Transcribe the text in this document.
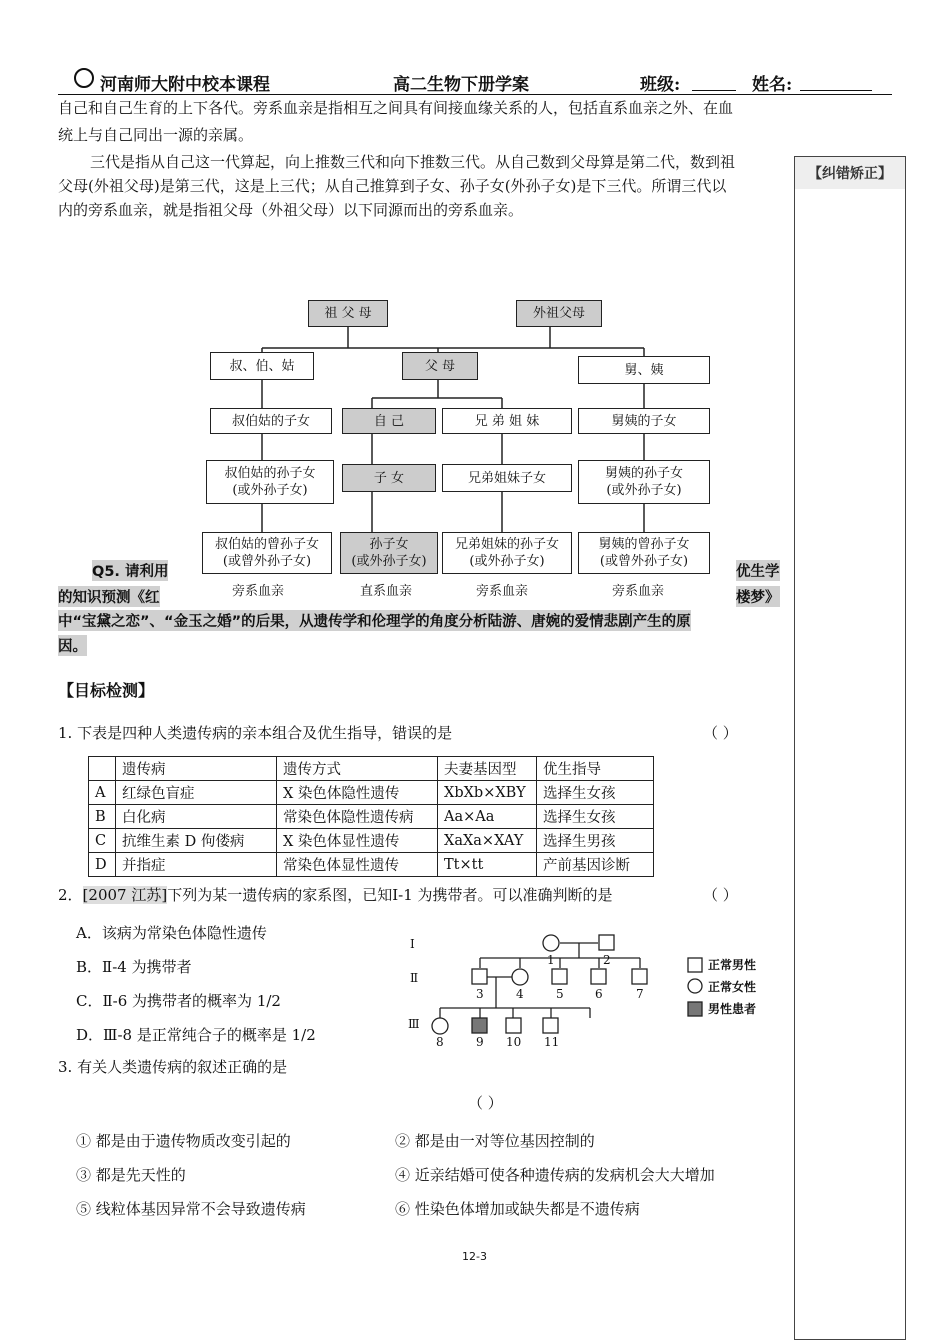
河南师大附中校本课程	高二生物下册学案	班级:	姓名:
【纠错矫正】
自己和自己生育的上下各代。旁系血亲是指相互之间具有间接血缘关系的人，包括直系血亲之外、在血
统上与自己同出一源的亲属。
三代是指从自己这一代算起，向上推数三代和向下推数三代。从自己数到父母算是第二代，数到祖
父母(外祖父母)是第三代，这是上三代；从自己推算到子女、孙子女(外孙子女)是下三代。所谓三代以
内的旁系血亲，就是指祖父母（外祖父母）以下同源而出的旁系血亲。
祖 父 母	外祖父母
叔、伯、姑	父 母	舅、姨
叔伯姑的子女	自 己	兄 弟 姐 妹	舅姨的子女
叔伯姑的孙子女
(或外孙子女)
子 女	兄弟姐妹子女	舅姨的孙子女
(或外孙子女)
叔伯姑的曾孙子女
(或曾外孙子女)
孙子女
(或外孙子女)
兄弟姐妹的孙子女
(或外孙子女)
舅姨的曾孙子女
(或曾外孙子女)
旁系血亲	直系血亲	旁系血亲	旁系血亲
Q5. 请利用	优生学
的知识预测《红	楼梦》
中“宝黛之恋”、“金玉之婚”的后果，从遗传学和伦理学的角度分析陆游、唐婉的爱情悲剧产生的原
因。
【目标检测】
1. 下表是四种人类遗传病的亲本组合及优生指导，错误的是	（ ）
	遗传病	遗传方式	夫妻基因型	优生指导
A	红绿色盲症	X 染色体隐性遗传	XbXb×XBY	选择生女孩
B	白化病	常染色体隐性遗传病	Aa×Aa	选择生女孩
C	抗维生素 D 佝偻病	X 染色体显性遗传	XaXa×XAY	选择生男孩
D	并指症	常染色体显性遗传	Tt×tt	产前基因诊断
2．[2007 江苏]下列为某一遗传病的家系图，已知Ⅰ-1 为携带者。可以准确判断的是	（ ）
A．该病为常染色体隐性遗传
B．Ⅱ-4 为携带者
C．Ⅱ-6 为携带者的概率为 1/2
D．Ⅲ-8 是正常纯合子的概率是 1/2
Ⅰ
Ⅱ
Ⅲ
1	2
3	4	5	6	7
8	9 10 11
正常男性
正常女性
男性患者
3. 有关人类遗传病的叙述正确的是
（ ）
① 都是由于遗传物质改变引起的	② 都是由一对等位基因控制的
③ 都是先天性的	④ 近亲结婚可使各种遗传病的发病机会大大增加
⑤ 线粒体基因异常不会导致遗传病	⑥ 性染色体增加或缺失都是不遗传病
12-3
